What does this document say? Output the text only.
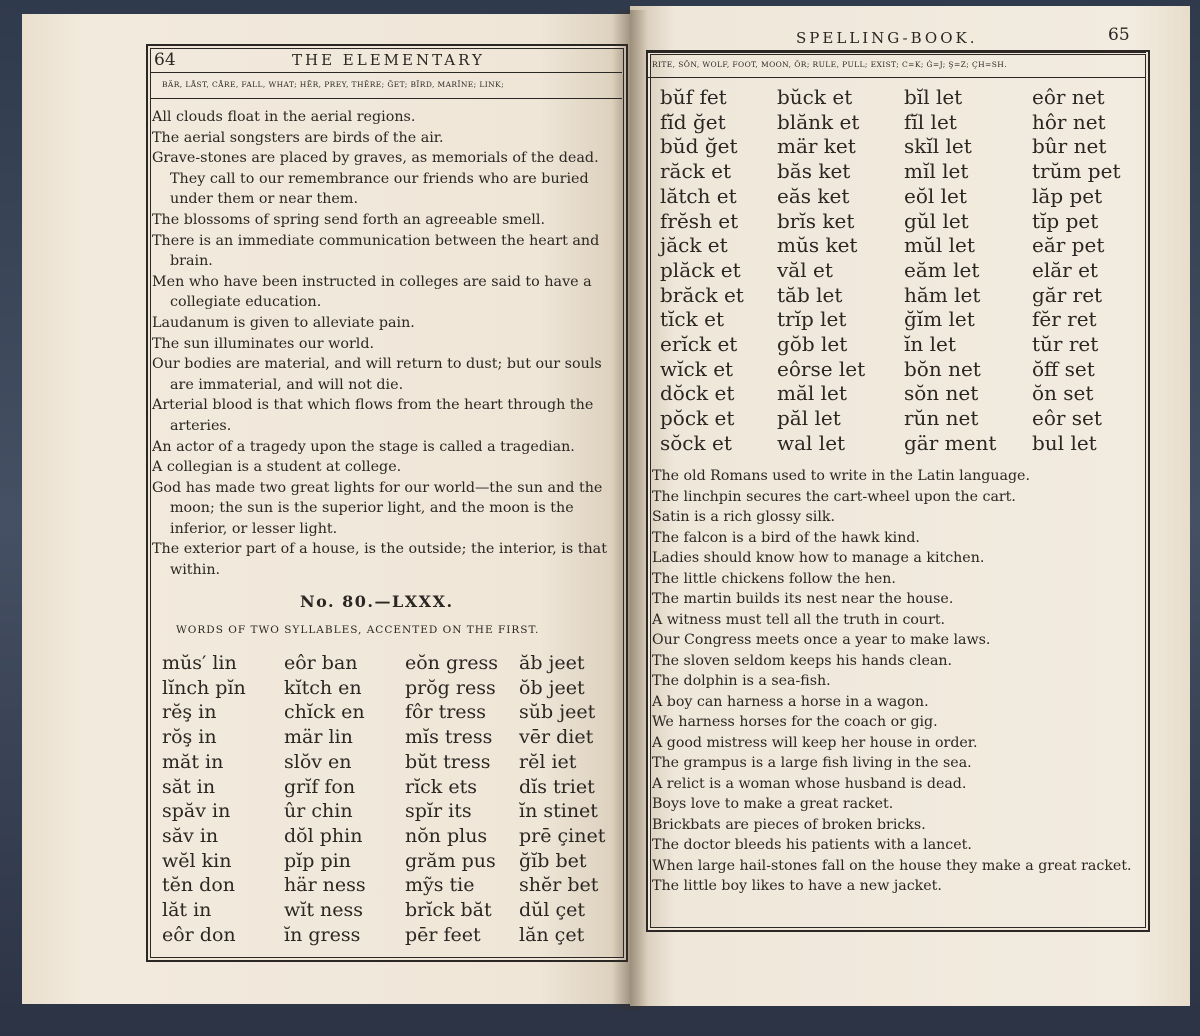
64	THE ELEMENTARY
BÄR, LÅST, CÅRE, FALL, WHAT; HĒR, PREY, THÊRE; ĞET; BĨRD, MARÏNE; LINK;

All clouds float in the aerial regions.

The aerial songsters are birds of the air.

Grave-stones are placed by graves, as memorials of the dead. They call to our remembrance our friends who are buried under them or near them.

The blossoms of spring send forth an agreeable smell.

There is an immediate communication between the heart and brain.

Men who have been instructed in colleges are said to have a collegiate education.

Laudanum is given to alleviate pain.

The sun illuminates our world.

Our bodies are material, and will return to dust; but our souls are immaterial, and will not die.

Arterial blood is that which flows from the heart through the arteries.

An actor of a tragedy upon the stage is called a tragedian.

A collegian is a student at college.

God has made two great lights for our world—the sun and the moon; the sun is the superior light, and the moon is the inferior, or lesser light.

The exterior part of a house, is the outside; the interior, is that within.

No. 80.—LXXX.
WORDS OF TWO SYLLABLES, ACCENTED ON THE FIRST.
mŭs′ lin	eôr ban	eŏn gress	ăb jeet
lĭnch pĭn	kĭtch en	prŏg ress	ŏb jeet
rĕş in	chĭck en	fôr tress	sŭb jeet
rŏş in	mär lin	mĭs tress	vēr diet
măt in	slŏv en	bŭt tress	rĕl iet
săt in	grĭf fon	rĭck ets	dĭs triet
spăv in	ûr chin	spĭr its	ĭn stinet
săv in	dŏl phin	nŏn plus	prē çinet
wĕl kin	pĭp pin	grăm pus	ğĭb bet
tĕn don	här ness	mỹs tie	shĕr bet
lăt in	wĭt ness	brĭck băt	dŭl çet
eôr don	ĭn gress	pēr feet	lăn çet
SPELLING-BOOK.	65
RITE, SŎN, WOLF, FOOT, MOON, ÔR; RULE, PULL; EXIST; C=K; Ġ=J; Ş=Z; ÇH=SH.
bŭf fet	bŭck et	bĭl let	eôr net
fĭd ğet	blănk et	fĭl let	hôr net
bŭd ğet	mär ket	skĭl let	bûr net
răck et	băs ket	mĭl let	trŭm pet
lătch et	eăs ket	eŏl let	lăp pet
frĕsh et	brĭs ket	gŭl let	tĭp pet
jăck et	mŭs ket	mŭl let	eăr pet
plăck et	văl et	eăm let	elăr et
brăck et	tăb let	hăm let	găr ret
tĭck et	trĭp let	ğĭm let	fĕr ret
erĭck et	gŏb let	ĭn let	tŭr ret
wĭck et	eôrse let	bŏn net	ŏff set
dŏck et	măl let	sŏn net	ŏn set
pŏck et	păl let	rŭn net	eôr set
sŏck et	wal let	gär ment	bul let

The old Romans used to write in the Latin language.

The linchpin secures the cart-wheel upon the cart.

Satin is a rich glossy silk.

The falcon is a bird of the hawk kind.

Ladies should know how to manage a kitchen.

The little chickens follow the hen.

The martin builds its nest near the house.

A witness must tell all the truth in court.

Our Congress meets once a year to make laws.

The sloven seldom keeps his hands clean.

The dolphin is a sea-fish.

A boy can harness a horse in a wagon.

We harness horses for the coach or gig.

A good mistress will keep her house in order.

The grampus is a large fish living in the sea.

A relict is a woman whose husband is dead.

Boys love to make a great racket.

Brickbats are pieces of broken bricks.

The doctor bleeds his patients with a lancet.

When large hail-stones fall on the house they make a great racket.

The little boy likes to have a new jacket.
